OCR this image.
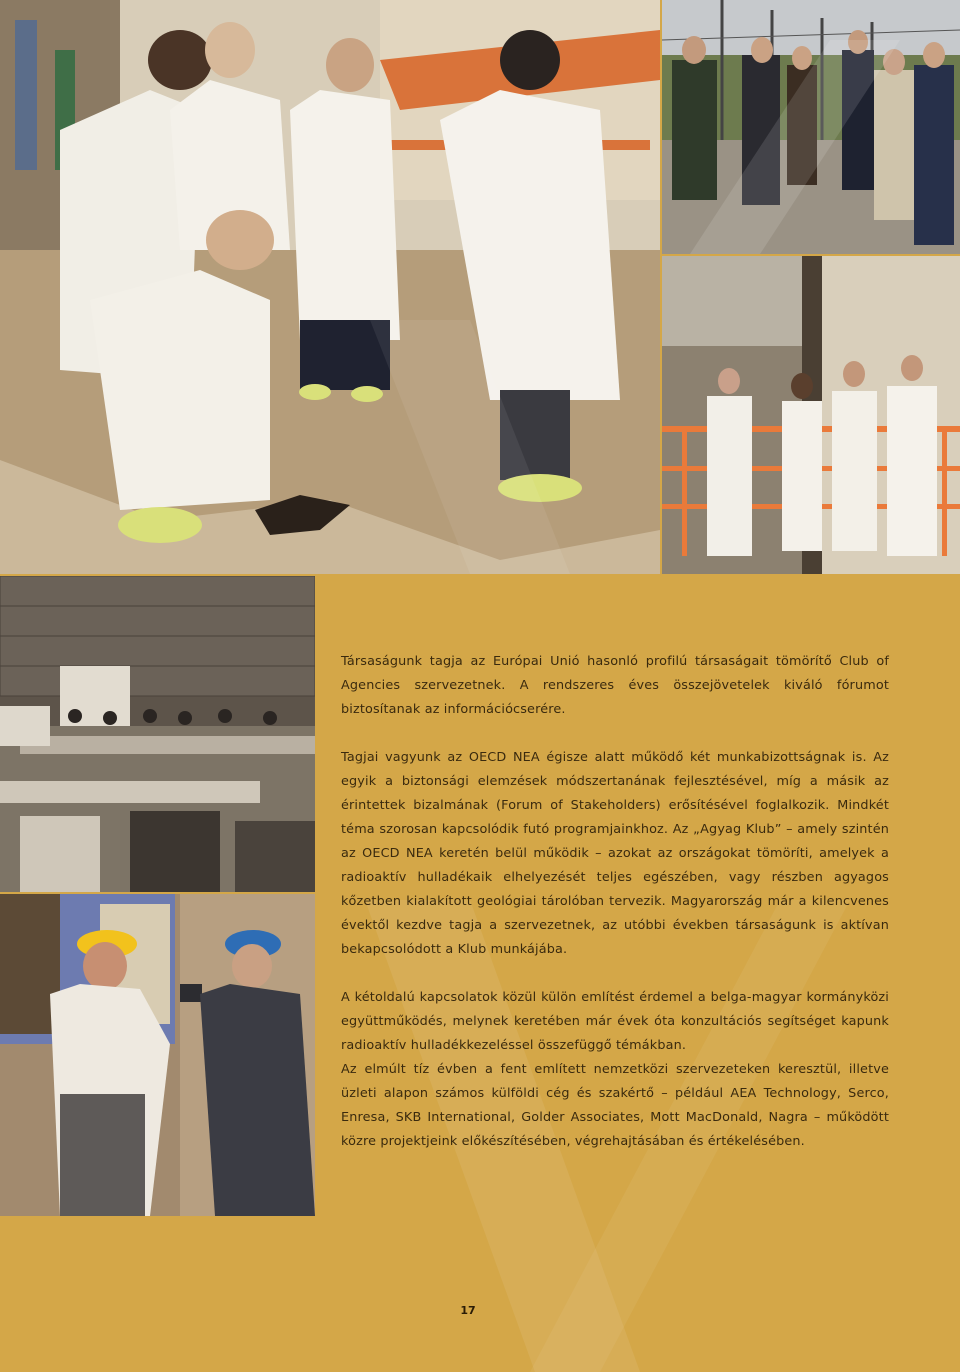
Társaságunk tagja az Európai Unió hasonló profilú társaságait tömörítő Club of Agencies szervezetnek. A rendszeres éves összejövetelek kiváló fórumot biztosítanak az információcserére.

Tagjai vagyunk az OECD NEA égisze alatt működő két munkabizottságnak is. Az egyik a biztonsági elemzések módszertanának fejlesztésével, míg a másik az érintettek bizalmának (Forum of Stakeholders) erősítésével foglalkozik. Mindkét téma szorosan kapcsolódik futó programjainkhoz. Az „Agyag Klub” – amely szintén az OECD NEA keretén belül működik – azokat az országokat tömöríti, amelyek a radioaktív hulladékaik elhelyezését teljes egészében, vagy részben agyagos kőzetben kialakított geológiai tárolóban tervezik. Magyarország már a kilencvenes évektől kezdve tagja a szervezetnek, az utóbbi években társaságunk is aktívan bekapcsolódott a Klub munkájába.

A kétoldalú kapcsolatok közül külön említést érdemel a belga-magyar kormányközi együttműködés, melynek keretében már évek óta konzultációs segítséget kapunk radioaktív hulladékkezeléssel összefüggő témákban.

Az elmúlt tíz évben a fent említett nemzetközi szervezeteken keresztül, illetve üzleti alapon számos külföldi cég és szakértő – például AEA Technology, Serco, Enresa, SKB International, Golder Associates, Mott MacDonald, Nagra – működött közre projektjeink előkészítésében, végrehajtásában és értékelésében.

17
